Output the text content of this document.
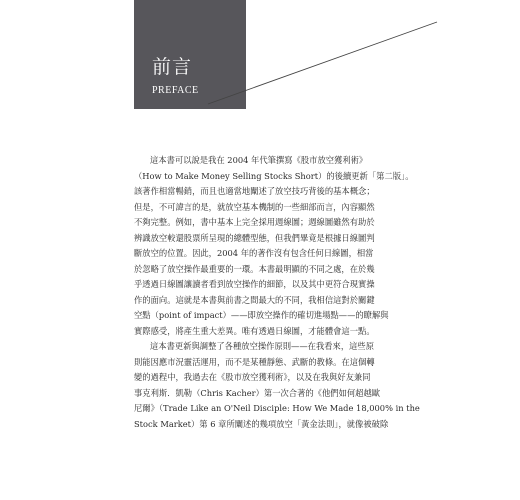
前言
PREFACE
這本書可以說是我在 2004 年代筆撰寫《股市放空獲利術》
（How to Make Money Selling Stocks Short）的後續更新「第二版」。
該著作相當暢銷，而且也適當地闡述了放空技巧背後的基本概念；
但是，不可諱言的是，就放空基本機制的一些細部而言，內容顯然
不夠完整。例如，書中基本上完全採用週線圖；週線圖雖然有助於
辨識放空較還股票所呈現的總體型態，但我們畢竟是根據日線圖判
斷放空的位置。因此，2004 年的著作沒有包含任何日線圖，相當
於忽略了放空操作最重要的一環。本書最明顯的不同之處，在於幾
乎透過日線圖讓讀者看到放空操作的細節，以及其中更符合現實操
作的面向。這就是本書與前書之間最大的不同，我相信這對於關鍵
空點（point of impact）——即放空操作的確切進場點——的瞭解與
實際感受，將產生重大差異。唯有透過日線圖，才能體會這一點。
這本書更新與調整了各種放空操作原則——在我看來，這些原
則能因應市況靈活運用，而不是某種靜態、武斷的教條。在這個轉
變的過程中，我過去在《股市放空獲利術》，以及在我與好友兼同
事克利斯．凱勒（Chris Kacher）第一次合著的《他們如何超越歐
尼爾》（Trade Like an O'Neil Disciple: How We Made 18,000% in the
Stock Market）第 6 章所闡述的幾項放空「黃金法則」，就像被破除
